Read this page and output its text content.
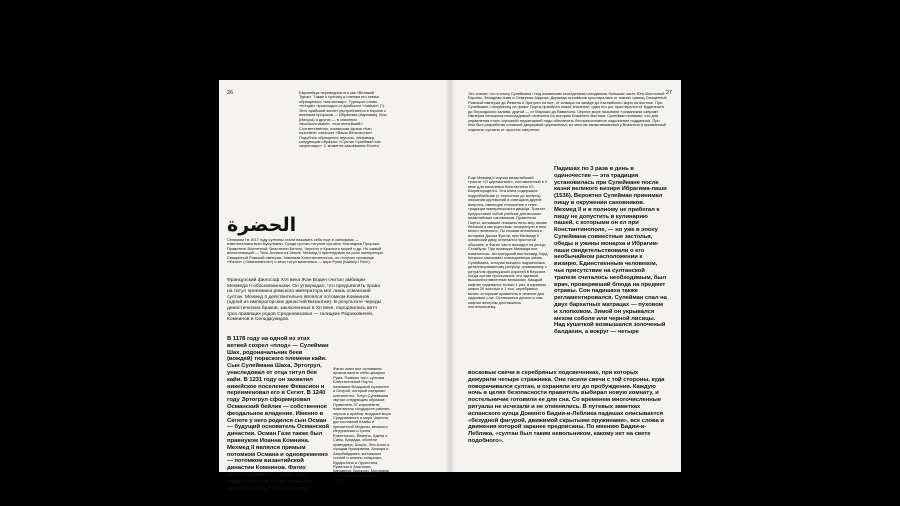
26	Европейцы переводили его как «Великий Турок». Также к султану и членам его семьи обращались «как хюнкяр». Турецкое слово «hüngâr» происходит от арабского «hadrah» (*). Этот арабский эпитет употребляется в Коране с именами пророков — Ибрахима (Авраама), Исы (Иисуса) и других — в значении «высокочтимый», «почтеннейший». Соответственно, османская фраза «han hazretleri» означает «Ваше Величество». Подобное обращение звучало, например, следующим образом: «Султан Сулейман хан хазретлери». С момента завоевания Египта

الحضرة

Селимом I в 1517 году султаны стали называть себя еще и халифами — повелителями всех мусульман. Среди прочих титулов султана: Наследник Пророка; Правитель Вселенной; Властелин Белого, Черного и Красного морей и др. Но самый впечатляющий — Тень Аллаха на Земле. Мехмед II претендовал на роль императора Священной Римской империи. Завоевав Константинополь, он получил прозвище «Фатих» («Завоеватель») и взял титул василевса — царь Рума (Кайзер-i Rum).

Французский философ XVI века Жан Боден считал амбиции Мехмеда II обоснованными. Он утверждал, что предъявлять права на титул преемника римского императора мог лишь османский султан. Мехмед II действительно являлся потомком Комнинов (одной из императорских династий Византии). В результате череды династических браков, заключенных в XII веке, породнились вятч трех правящих родов Средневековья — галицких Рюриковичей, Комнинов и Сельджукидов.

В 1178 году на одной из этих ветвей созрел «плод» — Сулейман Шах, родоначальник беев (вождей) тюркского племени кайи. Сын Сулеймана Шаха, Эртогрул, унаследовал от отца титул бея кайи. В 1231 году он захватил никейское поселение Февасион и переименовал его в Сегют. В 1240 году Эртогрул сформировал Османский бейлик — собственное феодальное владение. Именно в Сегюте у него родился сын Осман — будущий основатель Османской династии. Осман Гази также был правнуком Иоанна Комнина. Мехмед II являлся прямым потомком Османа и одновременно — потомком византийской династии Комнинов. Фатих использовал этот факт для подкрепления своих прав на престол в Константинополе.

Фатих имел все основания провозгласить себя цезарем Рума. Помимо того, султана Блистательной Порты называли Владыкой горизонта и Опорой, который соединил континенты. Титул Сулеймана звучал следующим образом: Правитель 37 королевств, повелитель государств римлян, персов и арабов, владыка моря Средиземного и моря Черного, достославной Каабы и пресветлой Медины, великого Иерусалима и трона Египетского, Йемена, Адена и Саны, Багдада, обители праведных, Басры, Эль-Ахсы и городов Нуширвана, Алжира и Азербайджана, кипчакских степей и земель татарских, Курдистана и Луристана, Румелии и Анатолии, Карамана, Валахии, Молдавии и Венгрии и многих других земель.

27

Это значит, что в эпоху Сулеймана I под османским господством находились большая часть Юго-Восточной Европы, Западная Азия и Северная Африка. Держава оттоманов простиралась от южных границ Священной Римской империи до Йемена и Эритреи на юге, от Алжира на западе до Каспийского моря на востоке. При Сулеймане I полумесяц на флаге Порты приобрел новое значение: один его рог простирался от Будапешта до Персидского залива, другой — от Марокко до Вавилона. Черное море называли «османским озером». Империя наложила неизгладимый отпечаток на историю Ближнего Востока. Сулейман понимал, что для управления столь огромной территорией надо обеспечить беспрекословное подчинение подданных. При нем был разработан сложный дворцовый церемониал, во многом заимствованный у Византии и призванный отделить султана от простых смертных.

Еще Мехмед II изучал византийский трактат «О церемониях», составленный в X веке для василевса Константина VII Багрянородного. Эта книга содержала подробнейшие (с точностью до минуты) описания церемоний и освещала другие вопросы, имеющие отношение к теме: традиции императорского дворца. Трактат предоставил собой учебник для высших византийских сановников. Правители Порты, желавшие показать весь мир своим блеском и могуществом, почерпнули в нем много полезного. По словам английского историка Джона Фрили, при Мехмеде II османский двор отличался простотой обычаев, и Фатих часто выходил на улицы Стамбула. При правнуке Мехмеда все изменилось. Шотландский востоковед Лорд Кинросс описывает повседневную жизнь Сулеймана, которая всецело подчинялась детализированному ритуалу, сравнимому с ритуалом французских королей в Версале. Когда султан просыпался, его одевали высокопоставленные вельможи. Каждый кафтан надевался только 1 раз, в карманы клали 20 золотых и 1 тыс. серебряных монет, которыми правитель в течение дня одаривал слуг. Оставшиеся деньги и сам кафтан вечером доставались постельничему.

Падишах по 3 раза в день в одиночестве — эта традиция установилась при Сулеймане после казни великого визиря Ибрагима-паши (1536). Вероятно Сулейман принимал пищу в окружении сановников. Мехмед II и в полному не прибегал к пищу не допустить в кулинарию пашей, с которыми он ел при Константинополе, — но уже в эпоху Сулеймана совместные застолья, обеды и ужины монарха и Ибрагим-паши свидетельствовали о его необычайном расположении к визирю. Единственным человеком, чье присутствие на султанской трапезе считалось необходимым, был врач, проверявший блюда на предмет отравы. Сон падишаха также регламентировался. Сулейман спал на двух бархатных матрацах — пуховом и хлопковом. Зимой он укрывался мехом соболя или черной лисицы. Над кушеткой возвышался золоченый балдахин, а вокруг — четыре

восковые свечи в серебряных подсвечниках, при которых дежурили четыре стражника. Они гасили свечи с той стороны, куда поворачивался султан, и охраняли его до пробуждения. Каждую ночь в целях безопасности правитель выбирал новую комнату, и постельничие готовили ее для сна. Со временем многочисленные ритуалы не исчезали и не отменялись. В путевых заметках испанского купца Доминго Бадии-и-Леблика падишах описывается «безудной фигурой, движимой скрытыми пружинами», все слова и движения которой заранее предписаны. По мнению Бадии-и-Леблика, «султан был таким невольником, какому нет на свете подобного».
